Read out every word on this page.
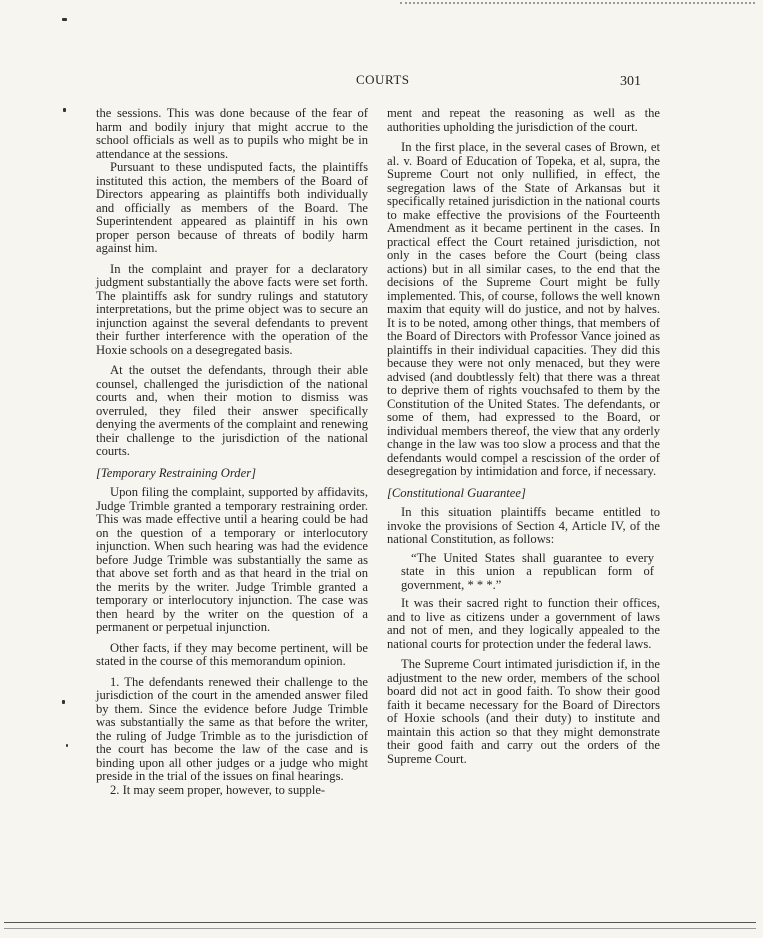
COURTS	301

the sessions. This was done because of the fear of harm and bodily injury that might accrue to the school officials as well as to pupils who might be in attendance at the sessions.

Pursuant to these undisputed facts, the plaintiffs instituted this action, the members of the Board of Directors appearing as plaintiffs both individually and officially as members of the Board. The Superintendent appeared as plaintiff in his own proper person because of threats of bodily harm against him.

In the complaint and prayer for a declaratory judgment substantially the above facts were set forth. The plaintiffs ask for sundry rulings and statutory interpretations, but the prime object was to secure an injunction against the several defendants to prevent their further interference with the operation of the Hoxie schools on a desegregated basis.

At the outset the defendants, through their able counsel, challenged the jurisdiction of the national courts and, when their motion to dismiss was overruled, they filed their answer specifically denying the averments of the complaint and renewing their challenge to the jurisdiction of the national courts.

[Temporary Restraining Order]

Upon filing the complaint, supported by affidavits, Judge Trimble granted a temporary restraining order. This was made effective until a hearing could be had on the question of a temporary or interlocutory injunction. When such hearing was had the evidence before Judge Trimble was substantially the same as that above set forth and as that heard in the trial on the merits by the writer. Judge Trimble granted a temporary or interlocutory injunction. The case was then heard by the writer on the question of a permanent or perpetual injunction.

Other facts, if they may become pertinent, will be stated in the course of this memorandum opinion.

1. The defendants renewed their challenge to the jurisdiction of the court in the amended answer filed by them. Since the evidence before Judge Trimble was substantially the same as that before the writer, the ruling of Judge Trimble as to the jurisdiction of the court has become the law of the case and is binding upon all other judges or a judge who might preside in the trial of the issues on final hearings.

2. It may seem proper, however, to supple-

ment and repeat the reasoning as well as the authorities upholding the jurisdiction of the court.

In the first place, in the several cases of Brown, et al. v. Board of Education of Topeka, et al, supra, the Supreme Court not only nullified, in effect, the segregation laws of the State of Arkansas but it specifically retained jurisdiction in the national courts to make effective the provisions of the Fourteenth Amendment as it became pertinent in the cases. In practical effect the Court retained jurisdiction, not only in the cases before the Court (being class actions) but in all similar cases, to the end that the decisions of the Supreme Court might be fully implemented. This, of course, follows the well known maxim that equity will do justice, and not by halves. It is to be noted, among other things, that members of the Board of Directors with Professor Vance joined as plaintiffs in their individual capacities. They did this because they were not only menaced, but they were advised (and doubtlessly felt) that there was a threat to deprive them of rights vouchsafed to them by the Constitution of the United States. The defendants, or some of them, had expressed to the Board, or individual members thereof, the view that any orderly change in the law was too slow a process and that the defendants would compel a rescission of the order of desegregation by intimidation and force, if necessary.

[Constitutional Guarantee]

In this situation plaintiffs became entitled to invoke the provisions of Section 4, Article IV, of the national Constitution, as follows:

“The United States shall guarantee to every state in this union a republican form of government, * * *.”

It was their sacred right to function their offices, and to live as citizens under a government of laws and not of men, and they logically appealed to the national courts for protection under the federal laws.

The Supreme Court intimated jurisdiction if, in the adjustment to the new order, members of the school board did not act in good faith. To show their good faith it became necessary for the Board of Directors of Hoxie schools (and their duty) to institute and maintain this action so that they might demonstrate their good faith and carry out the orders of the Supreme Court.
